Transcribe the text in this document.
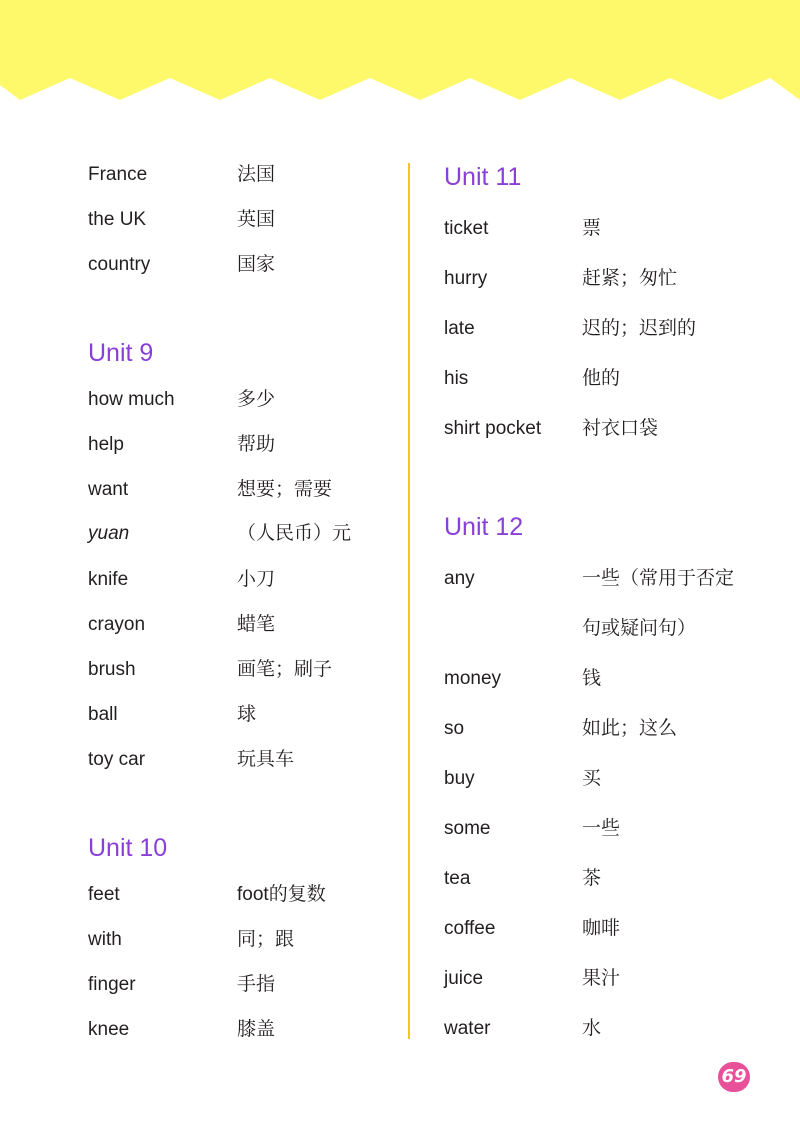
France	法国
the UK	英国
country	国家
Unit 9
how much	多少
help	帮助
want	想要；需要
yuan	（人民币）元
knife	小刀
crayon	蜡笔
brush	画笔；刷子
ball	球
toy car	玩具车
Unit 10
feet	foot的复数
with	同；跟
finger	手指
knee	膝盖
Unit 11
ticket	票
hurry	赶紧；匆忙
late	迟的；迟到的
his	他的
shirt pocket 衬衣口袋
Unit 12
any	一些（常用于否定
句或疑问句）
money	钱
so	如此；这么
buy	买
some	一些
tea	茶
coffee	咖啡
juice	果汁
water	水
69
